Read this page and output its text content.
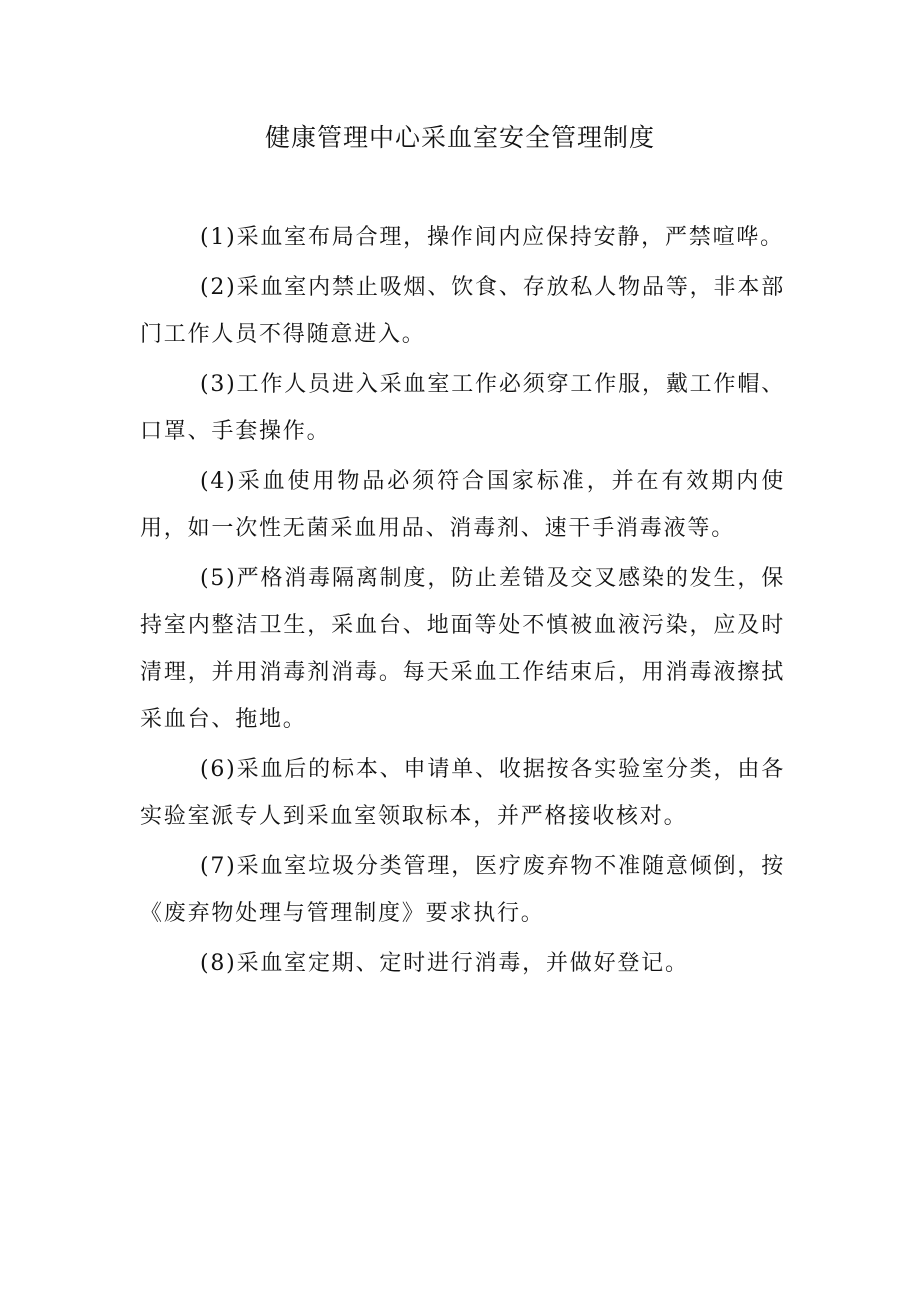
健康管理中心采血室安全管理制度

(1)采血室布局合理，操作间内应保持安静，严禁喧哗。

(2)采血室内禁止吸烟、饮食、存放私人物品等，非本部门工作人员不得随意进入。

(3)工作人员进入采血室工作必须穿工作服，戴工作帽、口罩、手套操作。

(4)采血使用物品必须符合国家标准，并在有效期内使用，如一次性无菌采血用品、消毒剂、速干手消毒液等。

(5)严格消毒隔离制度，防止差错及交叉感染的发生，保持室内整洁卫生，采血台、地面等处不慎被血液污染，应及时清理，并用消毒剂消毒。每天采血工作结束后，用消毒液擦拭采血台、拖地。

(6)采血后的标本、申请单、收据按各实验室分类，由各实验室派专人到采血室领取标本，并严格接收核对。

(7)采血室垃圾分类管理，医疗废弃物不准随意倾倒，按《废弃物处理与管理制度》要求执行。

(8)采血室定期、定时进行消毒，并做好登记。
